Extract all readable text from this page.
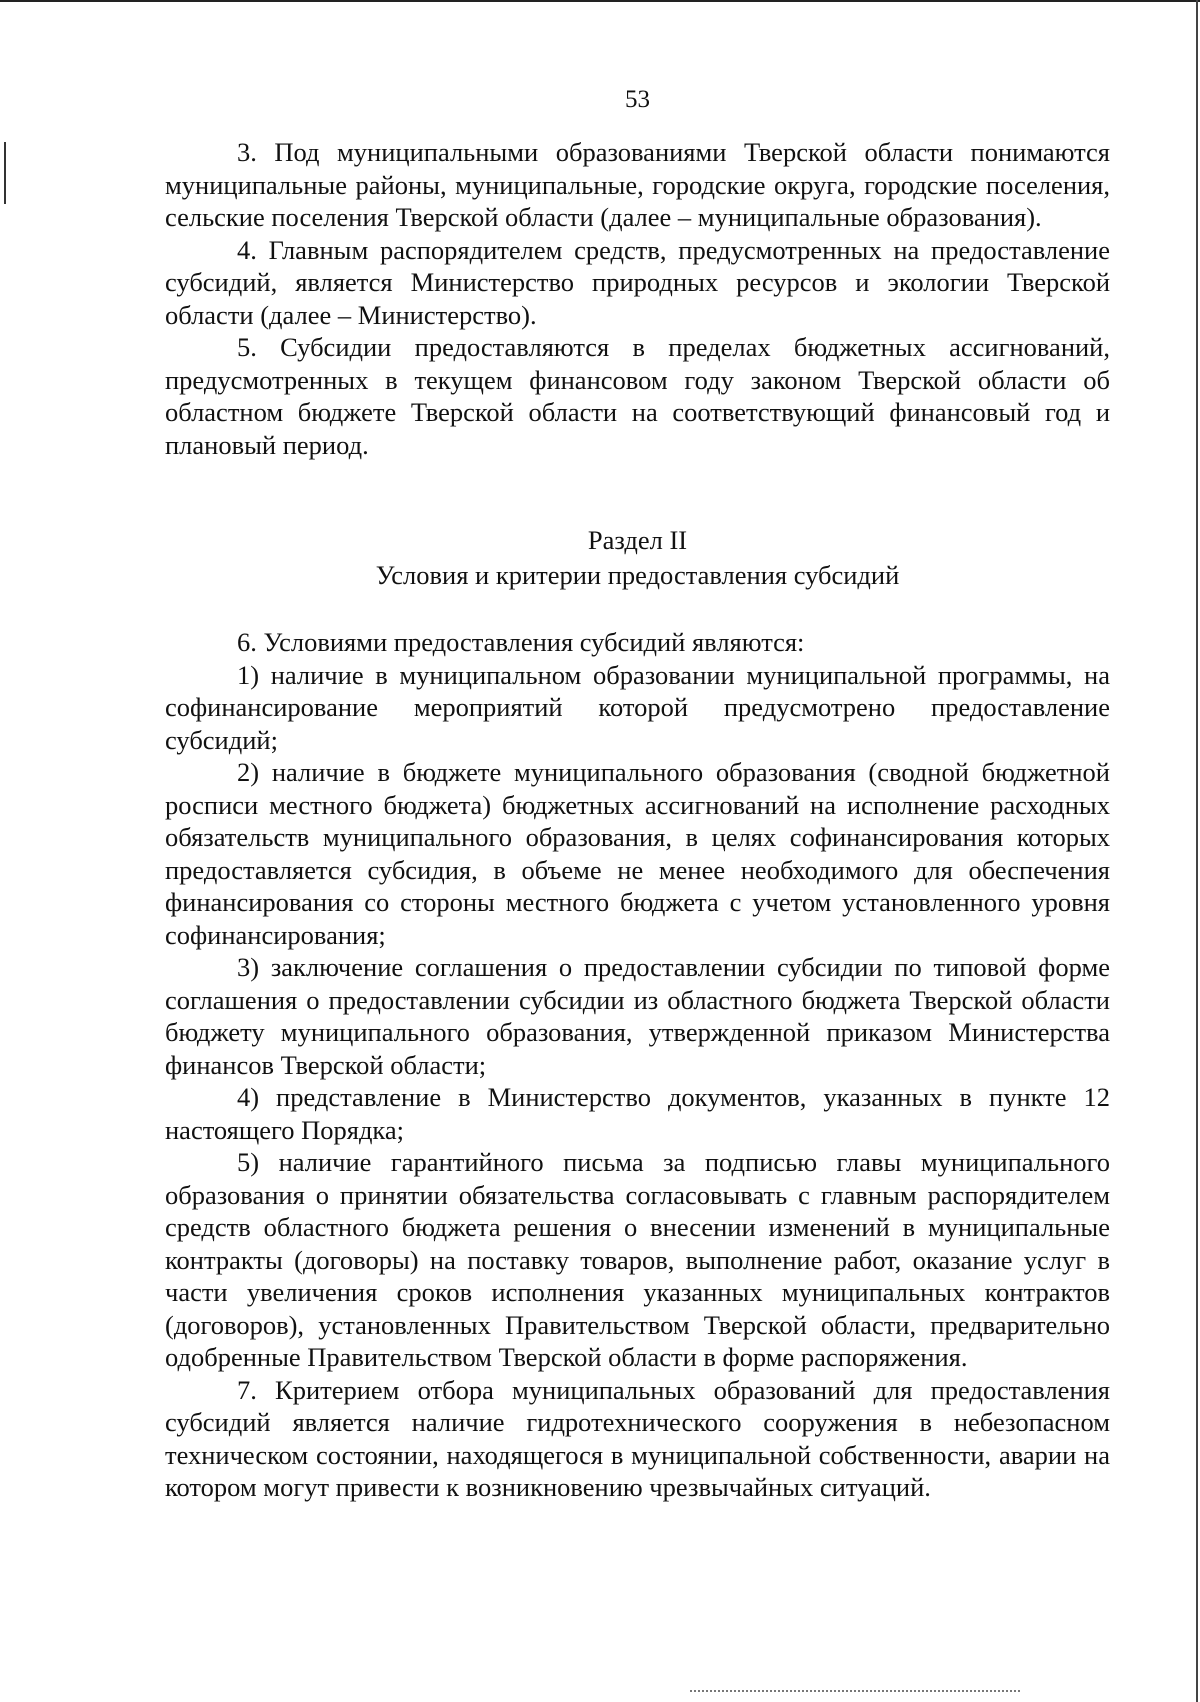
53

3. Под муниципальными образованиями Тверской области понимаются муниципальные районы, муниципальные, городские округа, городские поселения, сельские поселения Тверской области (далее – муниципальные образования).

4. Главным распорядителем средств, предусмотренных на предоставление субсидий, является Министерство природных ресурсов и экологии Тверской области (далее – Министерство).

5. Субсидии предоставляются в пределах бюджетных ассигнований, предусмотренных в текущем финансовом году законом Тверской области об областном бюджете Тверской области на соответствующий финансовый год и плановый период.

Раздел II

Условия и критерии предоставления субсидий

6. Условиями предоставления субсидий являются:

1) наличие в муниципальном образовании муниципальной программы, на софинансирование мероприятий которой предусмотрено предоставление субсидий;

2) наличие в бюджете муниципального образования (сводной бюджетной росписи местного бюджета) бюджетных ассигнований на исполнение расходных обязательств муниципального образования, в целях софинансирования которых предоставляется субсидия, в объеме не менее необходимого для обеспечения финансирования со стороны местного бюджета с учетом установленного уровня софинансирования;

3) заключение соглашения о предоставлении субсидии по типовой форме соглашения о предоставлении субсидии из областного бюджета Тверской области бюджету муниципального образования, утвержденной приказом Министерства финансов Тверской области;

4) представление в Министерство документов, указанных в пункте 12 настоящего Порядка;

5) наличие гарантийного письма за подписью главы муниципального образования о принятии обязательства согласовывать с главным распорядителем средств областного бюджета решения о внесении изменений в муниципальные контракты (договоры) на поставку товаров, выполнение работ, оказание услуг в части увеличения сроков исполнения указанных муниципальных контрактов (договоров), установленных Правительством Тверской области, предварительно одобренные Правительством Тверской области в форме распоряжения.

7. Критерием отбора муниципальных образований для предоставления субсидий является наличие гидротехнического сооружения в небезопасном техническом состоянии, находящегося в муниципальной собственности, аварии на котором могут привести к возникновению чрезвычайных ситуаций.
